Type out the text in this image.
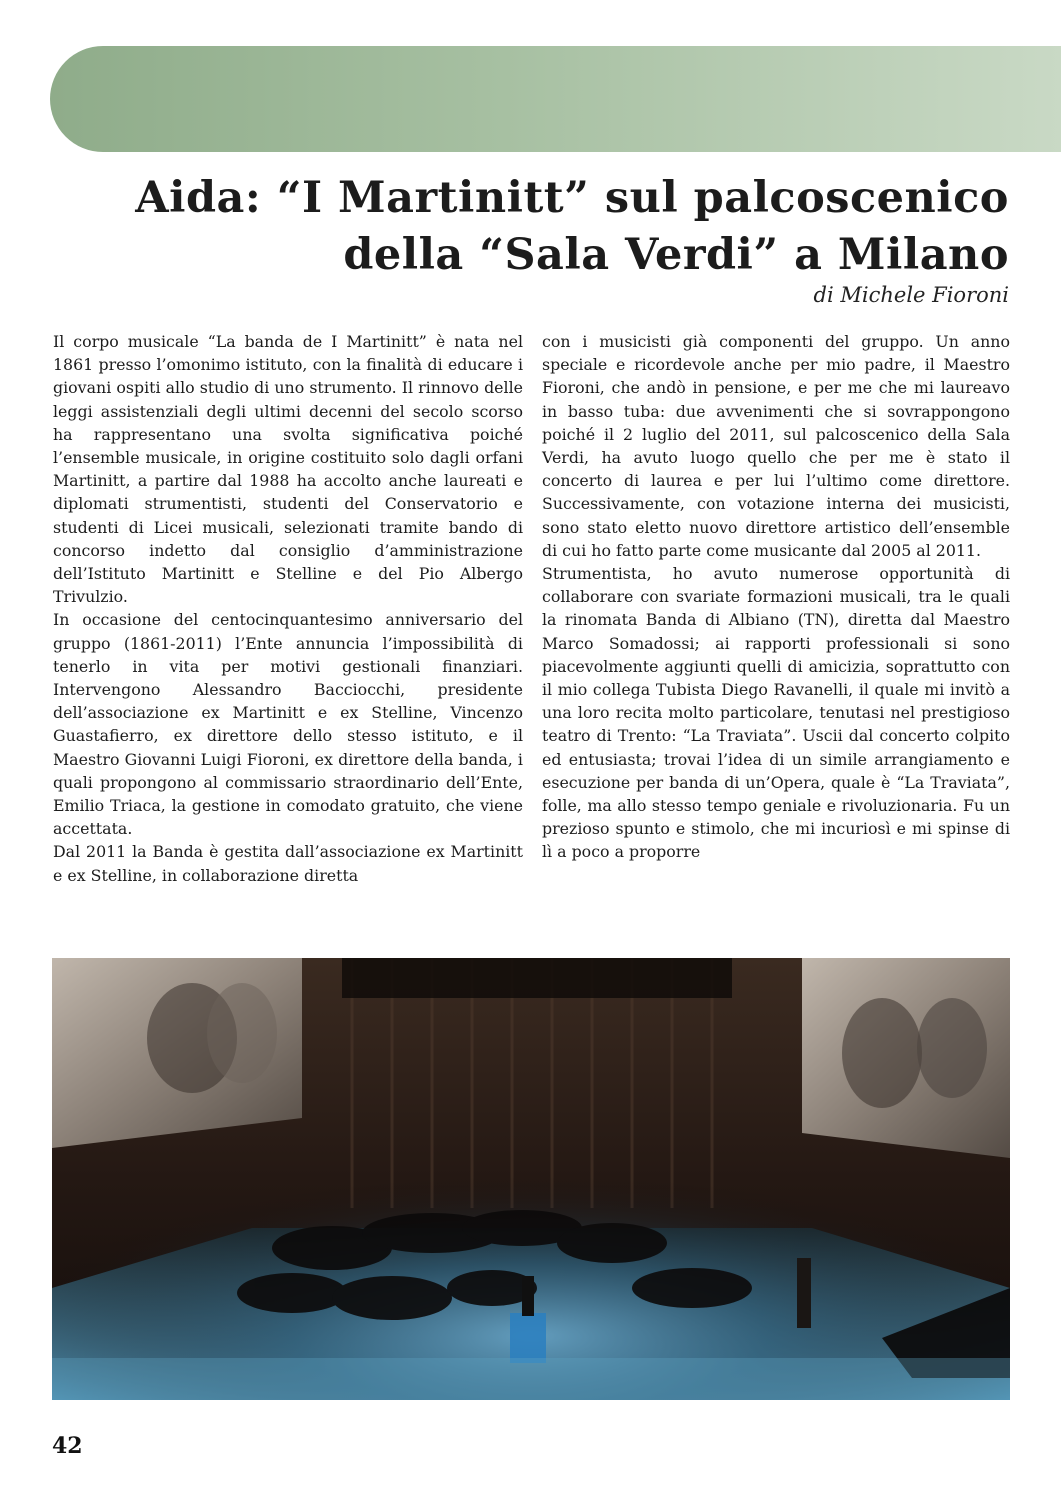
Aida: “I Martinitt” sul palcoscenico
della “Sala Verdi” a Milano
di Michele Fioroni

Il corpo musicale “La banda de I Martinitt” è nata nel 1861 presso l’omonimo istituto, con la finalità di educare i giovani ospiti allo studio di uno strumento. Il rinnovo delle leggi assistenziali degli ultimi decenni del secolo scorso ha rappresentano una svolta significativa poiché l’ensemble musicale, in origine costituito solo dagli orfani Martinitt, a partire dal 1988 ha accolto anche laureati e diplomati strumentisti, studenti del Conservatorio e studenti di Licei musicali, selezionati tramite bando di concorso indetto dal consiglio d’amministrazione dell’Istituto Martinitt e Stelline e del Pio Albergo Trivulzio.

In occasione del centocinquantesimo anniversario del gruppo (1861-2011) l’Ente annuncia l’impossibilità di tenerlo in vita per motivi gestionali finanziari. Intervengono Alessandro Bacciocchi, presidente dell’associazione ex Martinitt e ex Stelline, Vincenzo Guastafierro, ex direttore dello stesso istituto, e il Maestro Giovanni Luigi Fioroni, ex direttore della banda, i quali propongono al commissario straordinario dell’Ente, Emilio Triaca, la gestione in comodato gratuito, che viene accettata.

Dal 2011 la Banda è gestita dall’associazione ex Martinitt e ex Stelline, in collaborazione diretta

con i musicisti già componenti del gruppo. Un anno speciale e ricordevole anche per mio padre, il Maestro Fioroni, che andò in pensione, e per me che mi laureavo in basso tuba: due avvenimenti che si sovrappongono poiché il 2 luglio del 2011, sul palcoscenico della Sala Verdi, ha avuto luogo quello che per me è stato il concerto di laurea e per lui l’ultimo come direttore. Successivamente, con votazione interna dei musicisti, sono stato eletto nuovo direttore artistico dell’ensemble di cui ho fatto parte come musicante dal 2005 al 2011.

Strumentista, ho avuto numerose opportunità di collaborare con svariate formazioni musicali, tra le quali la rinomata Banda di Albiano (TN), diretta dal Maestro Marco Somadossi; ai rapporti professionali si sono piacevolmente aggiunti quelli di amicizia, soprattutto con il mio collega Tubista Diego Ravanelli, il quale mi invitò a una loro recita molto particolare, tenutasi nel prestigioso teatro di Trento: “La Traviata”. Uscii dal concerto colpito ed entusiasta; trovai l’idea di un simile arrangiamento e esecuzione per banda di un’Opera, quale è “La Traviata”, folle, ma allo stesso tempo geniale e rivoluzionaria. Fu un prezioso spunto e stimolo, che mi incuriosì e mi spinse di lì a poco a proporre

42
